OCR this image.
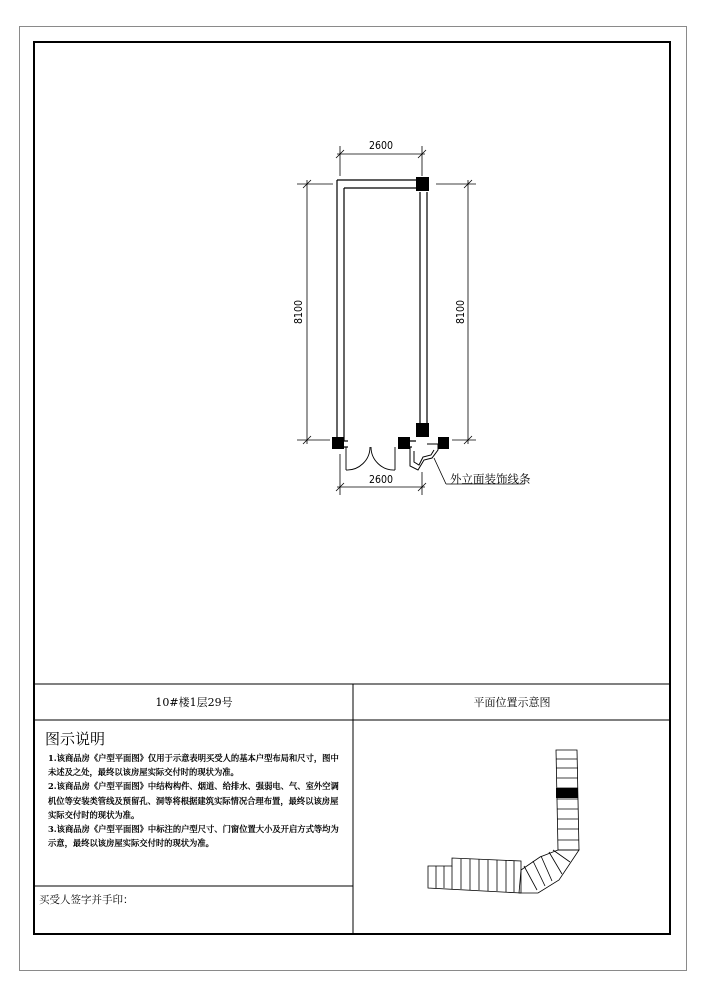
2600
2600
8100	8100
外立面装饰线条
10#楼1层29号	平面位置示意图
图示说明

1.该商品房《户型平面图》仅用于示意表明买受人的基本户型布局和尺寸，图中未述及之处，最终以该房屋实际交付时的现状为准。

2.该商品房《户型平面图》中结构构件、烟道、给排水、强弱电、气、室外空调机位等安装类管线及预留孔、洞等将根据建筑实际情况合理布置，最终以该房屋实际交付时的现状为准。

3.该商品房《户型平面图》中标注的户型尺寸、门窗位置大小及开启方式等均为示意，最终以该房屋实际交付时的现状为准。

买受人签字并手印：
